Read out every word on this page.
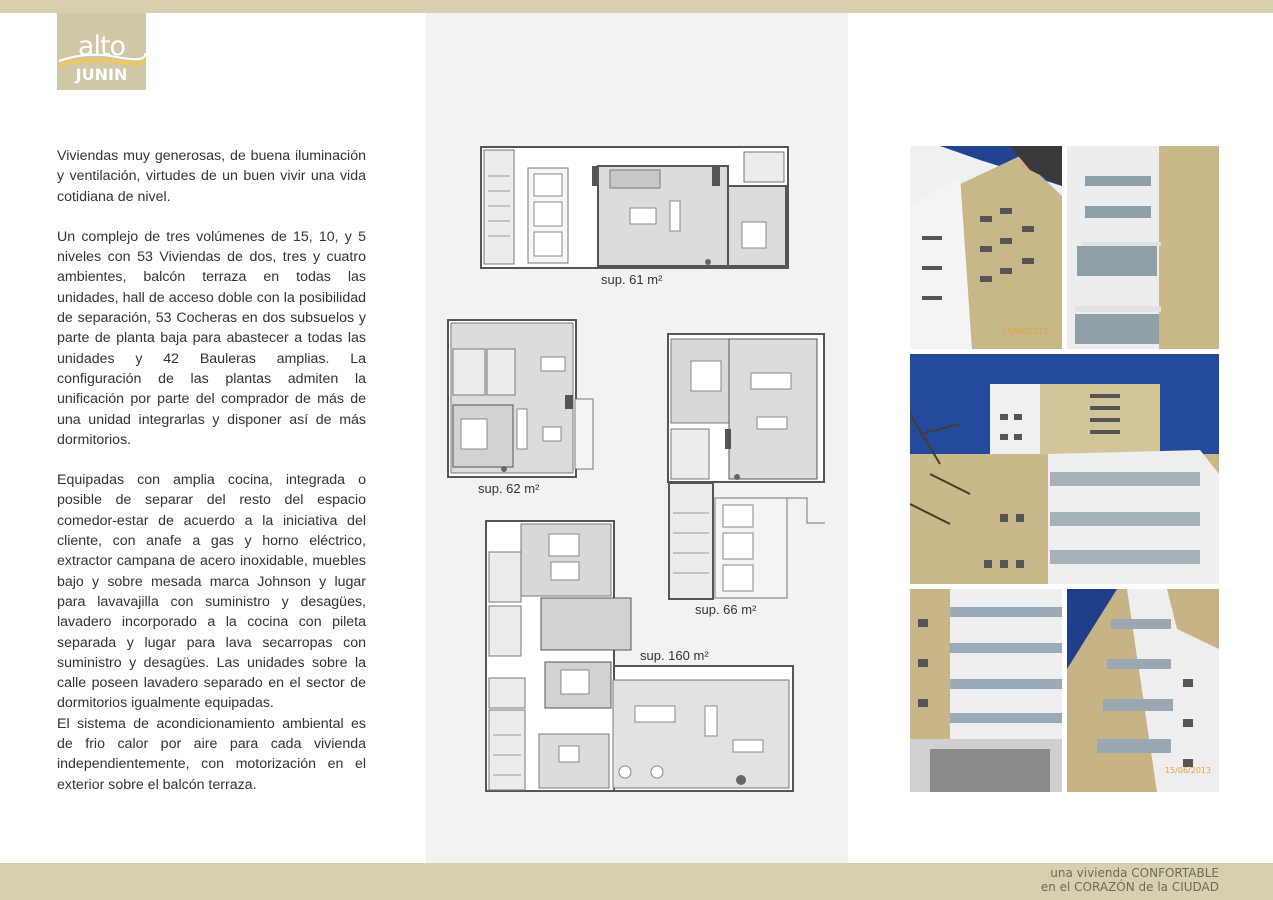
alto
JUNIN

Viviendas muy generosas, de buena iluminación y ventilación, virtudes de un buen vivir una vida cotidiana de nivel.

Un complejo de tres volúmenes de 15, 10, y 5 niveles con 53 Viviendas de dos, tres y cuatro ambientes, balcón terraza en todas las unidades, hall de acceso doble con la posibilidad de separación, 53 Cocheras en dos subsuelos y parte de planta baja para abastecer a todas las unidades y 42 Bauleras amplias. La configuración de las plantas admiten la unificación por parte del comprador de más de una unidad integrarlas y disponer así de más dormitorios.

Equipadas con amplia cocina, integrada o posible de separar del resto del espacio comedor-estar de acuerdo a la iniciativa del cliente, con anafe a gas y horno eléctrico, extractor campana de acero inoxidable, muebles bajo y sobre mesada marca Johnson y lugar para lavavajilla con suministro y desagües, lavadero incorporado a la cocina con pileta separada y lugar para lava secarropas con suministro y desagües. Las unidades sobre la calle poseen lavadero separado en el sector de dormitorios igualmente equipadas.

El sistema de acondicionamiento ambiental es de frio calor por aire para cada vivienda independientemente, con motorización en el exterior sobre el balcón terraza.

sup. 61 m²
sup. 62 m²
sup. 66 m²
sup. 160 m²
15/06/2013
15/06/2013
una vivienda CONFORTABLE
en el CORAZÓN de la CIUDAD
